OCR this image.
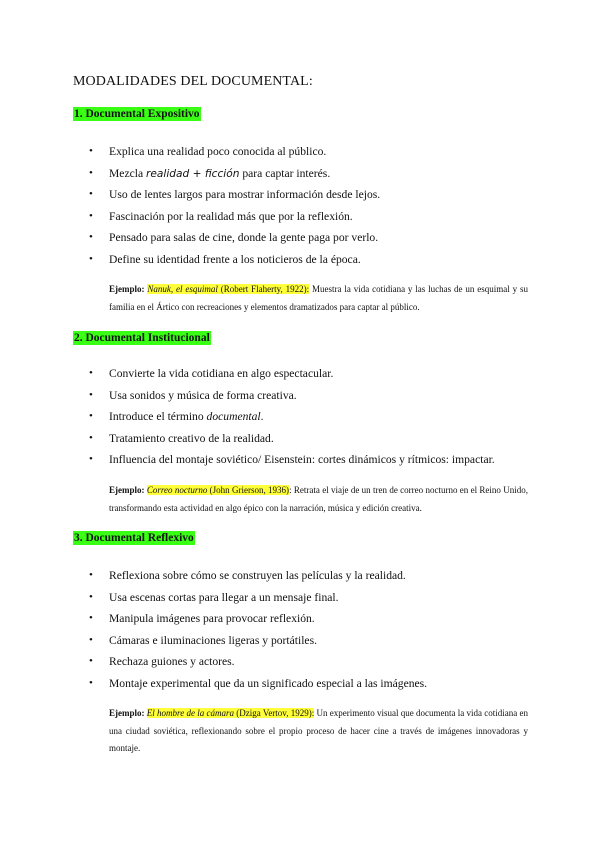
MODALIDADES DEL DOCUMENTAL:
1. Documental Expositivo
• Explica una realidad poco conocida al público.
• Mezcla realidad + ficción para captar interés.
• Uso de lentes largos para mostrar información desde lejos.
• Fascinación por la realidad más que por la reflexión.
• Pensado para salas de cine, donde la gente paga por verlo.
• Define su identidad frente a los noticieros de la época.
Ejemplo: Nanuk, el esquimal (Robert Flaherty, 1922): Muestra la vida cotidiana y las luchas de un esquimal y su familia en el Ártico con recreaciones y elementos dramatizados para captar al público.
2. Documental Institucional
• Convierte la vida cotidiana en algo espectacular.
• Usa sonidos y música de forma creativa.
• Introduce el término documental.
• Tratamiento creativo de la realidad.
• Influencia del montaje soviético/ Eisenstein: cortes dinámicos y rítmicos: impactar.
Ejemplo: Correo nocturno (John Grierson, 1936): Retrata el viaje de un tren de correo nocturno en el Reino Unido, transformando esta actividad en algo épico con la narración, música y edición creativa.
3. Documental Reflexivo
• Reflexiona sobre cómo se construyen las películas y la realidad.
• Usa escenas cortas para llegar a un mensaje final.
• Manipula imágenes para provocar reflexión.
• Cámaras e iluminaciones ligeras y portátiles.
• Rechaza guiones y actores.
• Montaje experimental que da un significado especial a las imágenes.
Ejemplo: El hombre de la cámara (Dziga Vertov, 1929): Un experimento visual que documenta la vida cotidiana en una ciudad soviética, reflexionando sobre el propio proceso de hacer cine a través de imágenes innovadoras y montaje.
